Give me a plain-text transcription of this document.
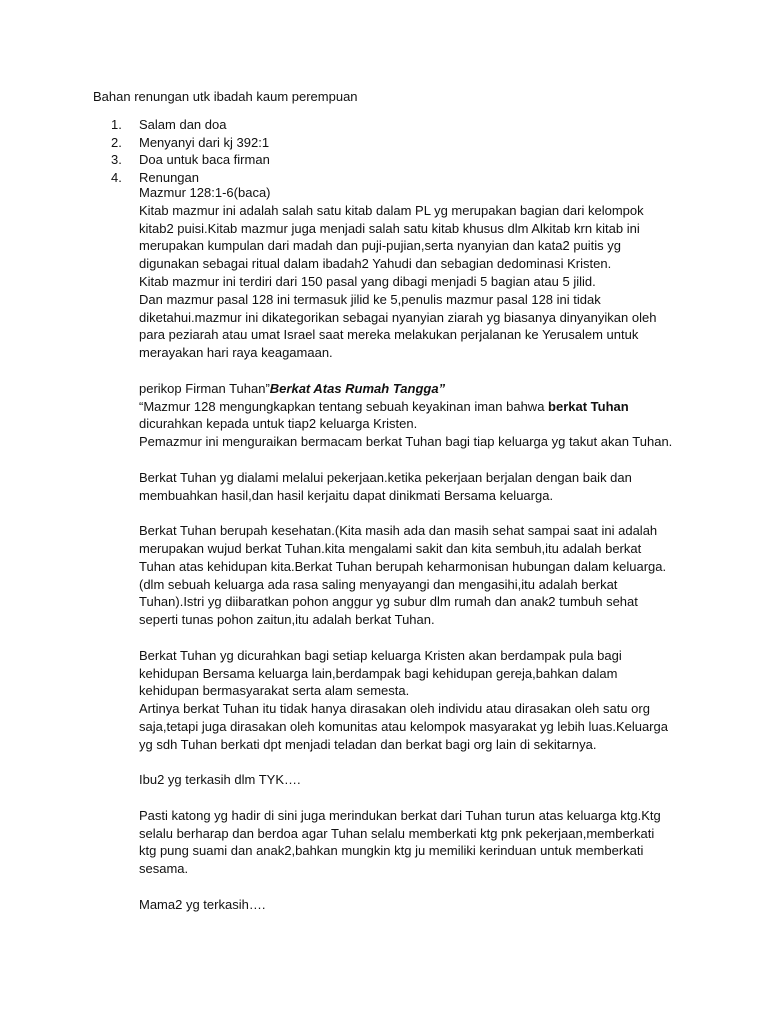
Bahan renungan utk ibadah kaum perempuan
1.	Salam dan doa
2.	Menyanyi dari kj 392:1
3.	Doa untuk baca firman
4.	Renungan

Mazmur 128:1-6(baca)

Kitab mazmur ini adalah salah satu kitab dalam PL yg merupakan bagian dari kelompok
kitab2 puisi.Kitab mazmur juga menjadi salah satu kitab khusus dlm Alkitab krn kitab ini
merupakan kumpulan dari madah dan puji-pujian,serta nyanyian dan kata2 puitis yg
digunakan sebagai ritual dalam ibadah2 Yahudi dan sebagian dedominasi Kristen.
Kitab mazmur ini terdiri dari 150 pasal yang dibagi menjadi 5 bagian atau 5 jilid.
Dan mazmur pasal 128 ini termasuk jilid ke 5,penulis mazmur pasal 128 ini tidak
diketahui.mazmur ini dikategorikan sebagai nyanyian ziarah yg biasanya dinyanyikan oleh
para peziarah atau umat Israel saat mereka melakukan perjalanan ke Yerusalem untuk
merayakan hari raya keagamaan.

perikop Firman Tuhan”Berkat Atas Rumah Tangga”

“Mazmur 128 mengungkapkan tentang sebuah keyakinan iman bahwa berkat Tuhan
dicurahkan kepada untuk tiap2 keluarga Kristen.

Pemazmur ini menguraikan bermacam berkat Tuhan bagi tiap keluarga yg takut akan Tuhan.

Berkat Tuhan yg dialami melalui pekerjaan.ketika pekerjaan berjalan dengan baik dan
membuahkan hasil,dan hasil kerjaitu dapat dinikmati Bersama keluarga.

Berkat Tuhan berupah kesehatan.(Kita masih ada dan masih sehat sampai saat ini adalah
merupakan wujud berkat Tuhan.kita mengalami sakit dan kita sembuh,itu adalah berkat
Tuhan atas kehidupan kita.Berkat Tuhan berupah keharmonisan hubungan dalam keluarga.
(dlm sebuah keluarga ada rasa saling menyayangi dan mengasihi,itu adalah berkat
Tuhan).Istri yg diibaratkan pohon anggur yg subur dlm rumah dan anak2 tumbuh sehat
seperti tunas pohon zaitun,itu adalah berkat Tuhan.

Berkat Tuhan yg dicurahkan bagi setiap keluarga Kristen akan berdampak pula bagi
kehidupan Bersama keluarga lain,berdampak bagi kehidupan gereja,bahkan dalam
kehidupan bermasyarakat serta alam semesta.

Artinya berkat Tuhan itu tidak hanya dirasakan oleh individu atau dirasakan oleh satu org
saja,tetapi juga dirasakan oleh komunitas atau kelompok masyarakat yg lebih luas.Keluarga
yg sdh Tuhan berkati dpt menjadi teladan dan berkat bagi org lain di sekitarnya.

Ibu2 yg terkasih dlm TYK….

Pasti katong yg hadir di sini juga merindukan berkat dari Tuhan turun atas keluarga ktg.Ktg
selalu berharap dan berdoa agar Tuhan selalu memberkati ktg pnk pekerjaan,memberkati
ktg pung suami dan anak2,bahkan mungkin ktg ju memiliki kerinduan untuk memberkati
sesama.

Mama2 yg terkasih….
